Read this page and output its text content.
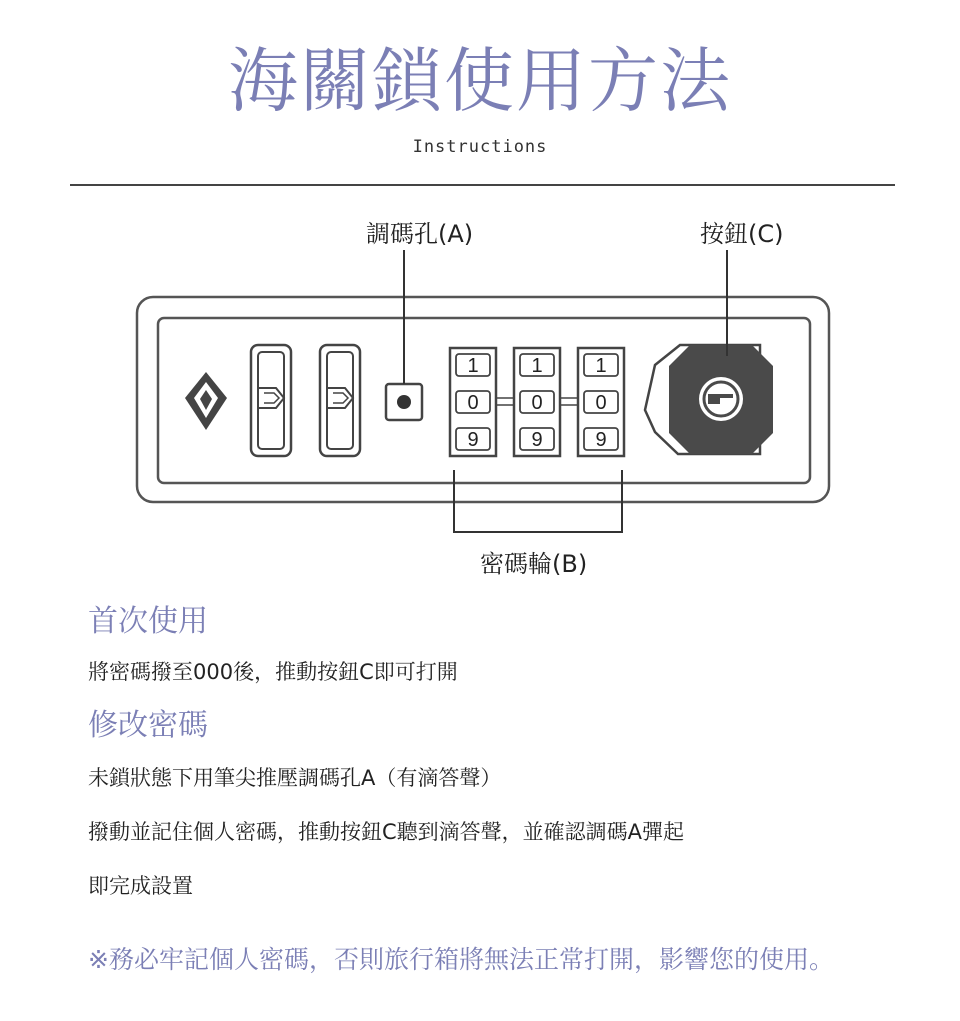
海關鎖使用方法
Instructions
1
0
9
1
0
9
1
0
9
調碼孔(A)	按鈕(C)
密碼輪(B)
首次使用
將密碼撥至000後，推動按鈕C即可打開
修改密碼
未鎖狀態下用筆尖推壓調碼孔A（有滴答聲）
撥動並記住個人密碼，推動按鈕C聽到滴答聲，並確認調碼A彈起
即完成設置
※務必牢記個人密碼，否則旅行箱將無法正常打開，影響您的使用。
